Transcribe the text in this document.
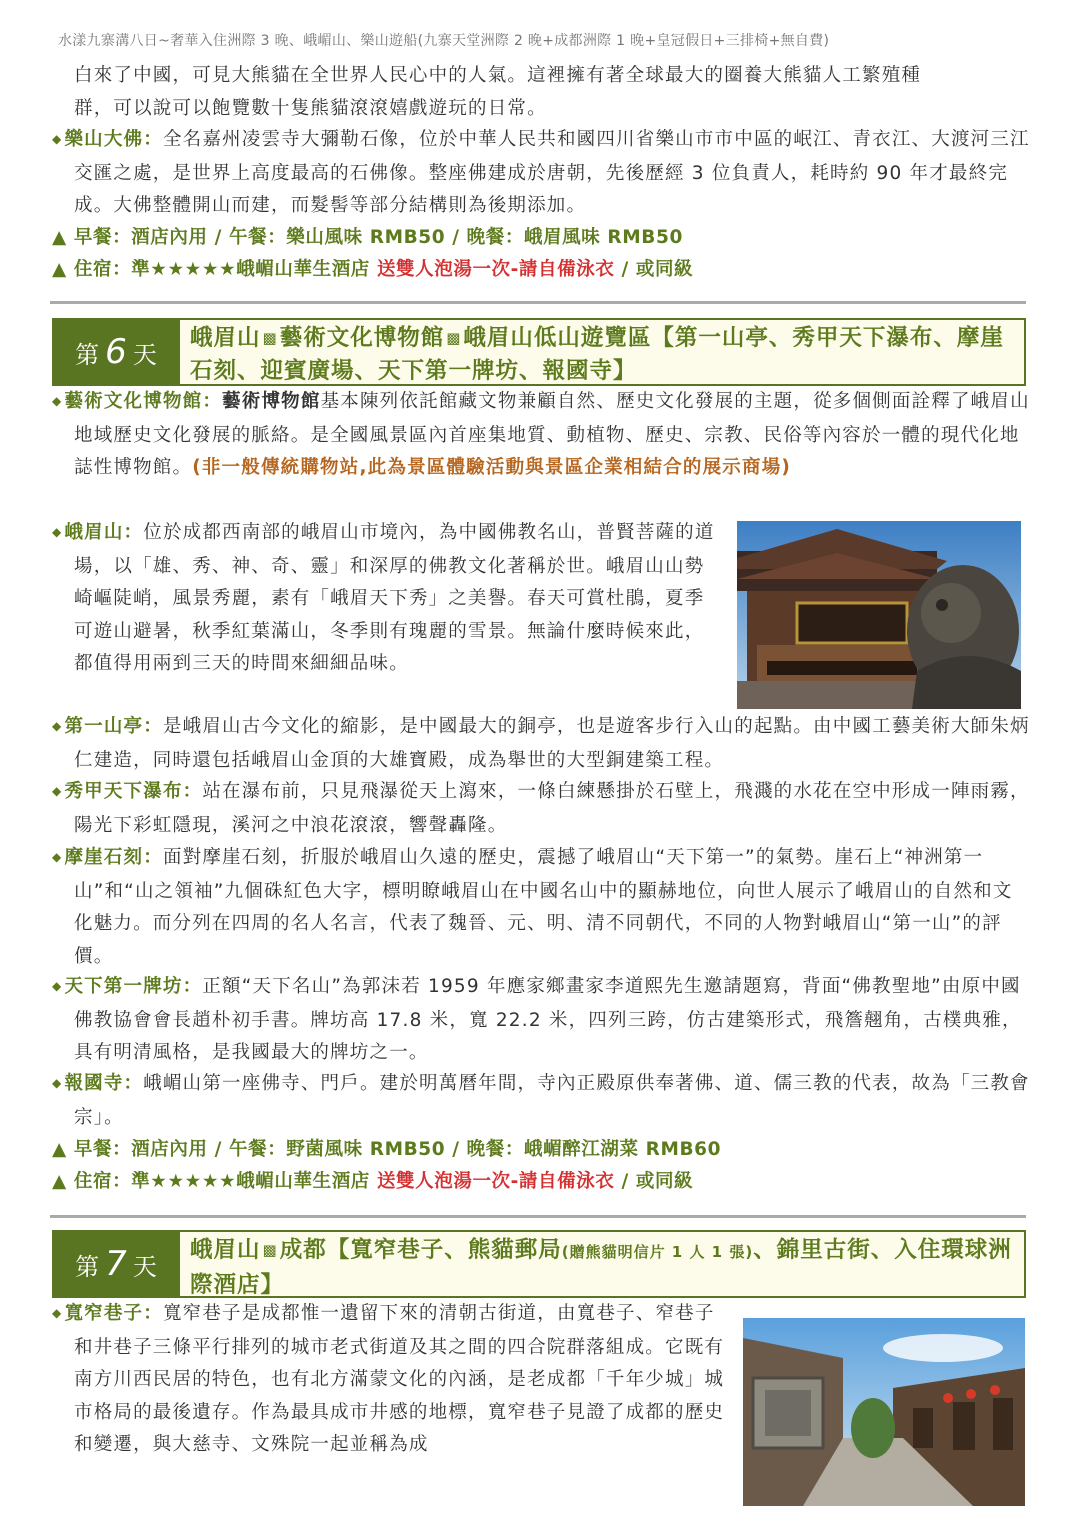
水漾九寨溝八日~奢華入住洲際 3 晚、峨嵋山、樂山遊船(九寨天堂洲際 2 晚+成都洲際 1 晚+皇冠假日+三排椅+無自費)
白來了中國，可見大熊貓在全世界人民心中的人氣。這裡擁有著全球最大的圈養大熊貓人工繁殖種
群，可以說可以飽覽數十隻熊貓滾滾嬉戲遊玩的日常。
◆ 樂山大佛：全名嘉州凌雲寺大彌勒石像，位於中華人民共和國四川省樂山市市中區的岷江、青衣江、大渡河三江交匯之處，是世界上高度最高的石佛像。整座佛建成於唐朝，先後歷經 3 位負責人，耗時約 90 年才最終完成。大佛整體開山而建，而髮髻等部分結構則為後期添加。
▲ 早餐：酒店內用 / 午餐：樂山風味 RMB50 / 晚餐：峨眉風味 RMB50
▲ 住宿：準★★★★★峨嵋山華生酒店 送雙人泡湯一次-請自備泳衣 / 或同級
第 6 天
峨眉山 ▩藝術文化博物館 ▩峨眉山低山遊覽區【第一山亭、秀甲天下瀑布、摩崖石刻、迎賓廣場、天下第一牌坊、報國寺】
◆ 藝術文化博物館：藝術博物館基本陳列依託館藏文物兼顧自然、歷史文化發展的主題，從多個側面詮釋了峨眉山地域歷史文化發展的脈絡。是全國風景區內首座集地質、動植物、歷史、宗教、民俗等內容於一體的現代化地誌性博物館。(非一般傳統購物站,此為景區體驗活動與景區企業相結合的展示商場)
◆ 峨眉山：位於成都西南部的峨眉山市境內，為中國佛教名山，普賢菩薩的道場，以「雄、秀、神、奇、靈」和深厚的佛教文化著稱於世。峨眉山山勢崎嶇陡峭，風景秀麗，素有「峨眉天下秀」之美譽。春天可賞杜鵑，夏季可遊山避暑，秋季紅葉滿山，冬季則有瑰麗的雪景。無論什麼時候來此，都值得用兩到三天的時間來細細品味。
◆ 第一山亭：是峨眉山古今文化的縮影，是中國最大的銅亭，也是遊客步行入山的起點。由中國工藝美術大師朱炳仁建造，同時還包括峨眉山金頂的大雄寶殿，成為舉世的大型銅建築工程。
◆ 秀甲天下瀑布：站在瀑布前，只見飛瀑從天上瀉來，一條白練懸掛於石壁上，飛濺的水花在空中形成一陣雨霧，陽光下彩虹隱現，溪河之中浪花滾滾，響聲轟隆。
◆ 摩崖石刻：面對摩崖石刻，折服於峨眉山久遠的歷史，震撼了峨眉山“天下第一”的氣勢。崖石上“神洲第一山”和“山之領袖”九個硃紅色大字，標明瞭峨眉山在中國名山中的顯赫地位，向世人展示了峨眉山的自然和文化魅力。而分列在四周的名人名言，代表了魏晉、元、明、清不同朝代，不同的人物對峨眉山“第一山”的評價。
◆ 天下第一牌坊：正額“天下名山”為郭沫若 1959 年應家鄉畫家李道熙先生邀請題寫，背面“佛教聖地”由原中國佛教協會會長趙朴初手書。牌坊高 17.8 米，寬 22.2 米，四列三跨，仿古建築形式，飛簷翹角，古樸典雅，具有明清風格，是我國最大的牌坊之一。
◆ 報國寺：峨嵋山第一座佛寺、門戶。建於明萬曆年間，寺內正殿原供奉著佛、道、儒三教的代表，故為「三教會宗」。
▲ 早餐：酒店內用 / 午餐：野菌風味 RMB50 / 晚餐：峨嵋醉江湖菜 RMB60
▲ 住宿：準★★★★★峨嵋山華生酒店 送雙人泡湯一次-請自備泳衣 / 或同級
第 7 天
峨眉山 ▩成都【寬窄巷子、熊貓郵局(贈熊貓明信片 1 人 1 張)、錦里古街、入住環球洲際酒店】
◆ 寬窄巷子：寬窄巷子是成都惟一遺留下來的清朝古街道，由寬巷子、窄巷子和井巷子三條平行排列的城市老式街道及其之間的四合院群落組成。它既有南方川西民居的特色，也有北方滿蒙文化的內涵，是老成都「千年少城」城市格局的最後遺存。作為最具成市井感的地標，寬窄巷子見證了成都的歷史和變遷，與大慈寺、文殊院一起並稱為成
